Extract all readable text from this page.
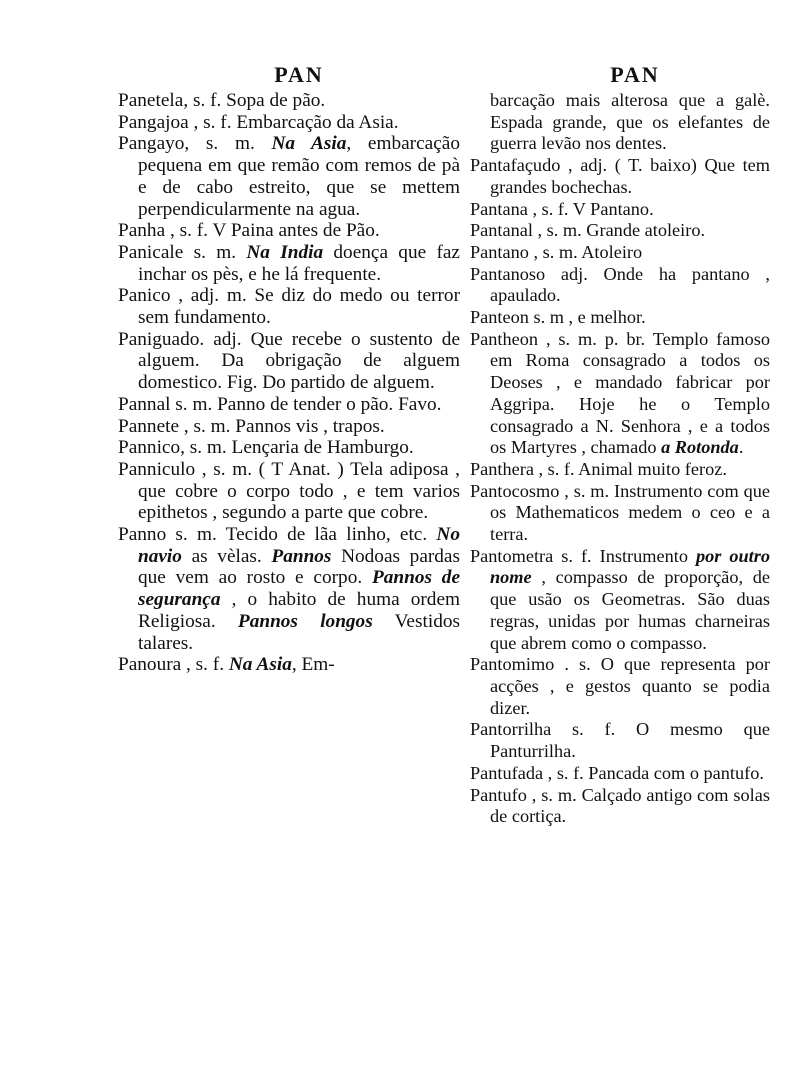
PAN
Panetela, s. f. Sopa de pão.
Pangajoa , s. f. Embarcação da Asia.
Pangayo, s. m. Na Asia, embarcação pequena em que remão com remos de pà e de cabo estreito, que se mettem perpendicularmente na agua.
Panha , s. f. V Paina antes de Pão.
Panicale s. m. Na India doença que faz inchar os pès, e he lá frequente.
Panico , adj. m. Se diz do medo ou terror sem fundamento.
Paniguado. adj. Que recebe o sustento de alguem. Da obrigação de alguem domestico. Fig. Do partido de alguem.
Pannal s. m. Panno de tender o pão. Favo.
Pannete , s. m. Pannos vis , trapos.
Pannico, s. m. Lençaria de Hamburgo.
Panniculo , s. m. ( T Anat. ) Tela adiposa , que cobre o corpo todo , e tem varios epithetos , segundo a parte que cobre.
Panno s. m. Tecido de lãa linho, etc. No navio as vèlas. Pannos Nodoas pardas que vem ao rosto e corpo. Pannos de segurança , o habito de huma ordem Religiosa. Pannos longos Vestidos talares.
Panoura , s. f. Na Asia, Em-
PAN
barcação mais alterosa que a galè. Espada grande, que os elefantes de guerra levão nos dentes.
Pantafaçudo , adj. ( T. baixo) Que tem grandes bochechas.
Pantana , s. f. V Pantano.
Pantanal , s. m. Grande atoleiro.
Pantano , s. m. Atoleiro
Pantanoso adj. Onde ha pantano , apaulado.
Panteon s. m , e melhor.
Pantheon , s. m. p. br. Templo famoso em Roma consagrado a todos os Deoses , e mandado fabricar por Aggripa. Hoje he o Templo consagrado a N. Senhora , e a todos os Martyres , chamado a Rotonda.
Panthera , s. f. Animal muito feroz.
Pantocosmo , s. m. Instrumento com que os Mathematicos medem o ceo e a terra.
Pantometra s. f. Instrumento por outro nome , compasso de proporção, de que usão os Geometras. São duas regras, unidas por humas charneiras que abrem como o compasso.
Pantomimo . s. O que representa por acções , e gestos quanto se podia dizer.
Pantorrilha s. f. O mesmo que Panturrilha.
Pantufada , s. f. Pancada com o pantufo.
Pantufo , s. m. Calçado antigo com solas de cortiça.
